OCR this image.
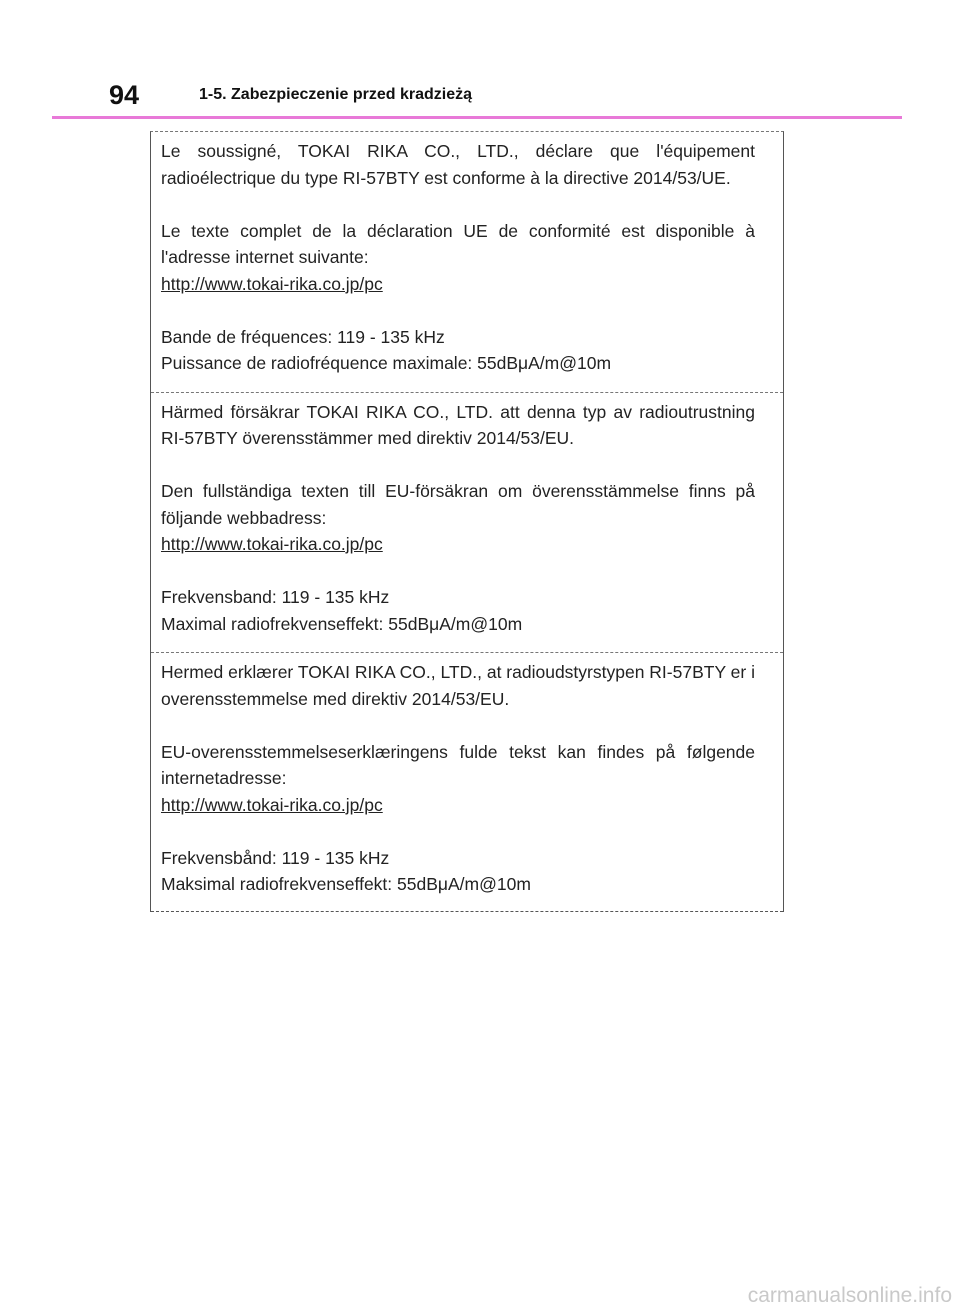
94	1-5. Zabezpieczenie przed kradzieżą

Le soussigné, TOKAI RIKA CO., LTD., déclare que l'équipement radioélectrique du type RI-57BTY est conforme à la directive 2014/53/UE.

Le texte complet de la déclaration UE de conformité est disponible à l'adresse internet suivante:

http://www.tokai-rika.co.jp/pc

Bande de fréquences: 119 - 135 kHz

Puissance de radiofréquence maximale: 55dBμA/m@10m

Härmed försäkrar TOKAI RIKA CO., LTD. att denna typ av radioutrustning RI-57BTY överensstämmer med direktiv 2014/53/EU.

Den fullständiga texten till EU-försäkran om överensstämmelse finns på följande webbadress:

http://www.tokai-rika.co.jp/pc

Frekvensband: 119 - 135 kHz

Maximal radiofrekvenseffekt: 55dBμA/m@10m

Hermed erklærer TOKAI RIKA CO., LTD., at radioudstyrstypen RI-57BTY er i overensstemmelse med direktiv 2014/53/EU.

EU-overensstemmelseserklæringens fulde tekst kan findes på følgende internetadresse:

http://www.tokai-rika.co.jp/pc

Frekvensbånd: 119 - 135 kHz

Maksimal radiofrekvenseffekt: 55dBμA/m@10m

carmanualsonline.info
